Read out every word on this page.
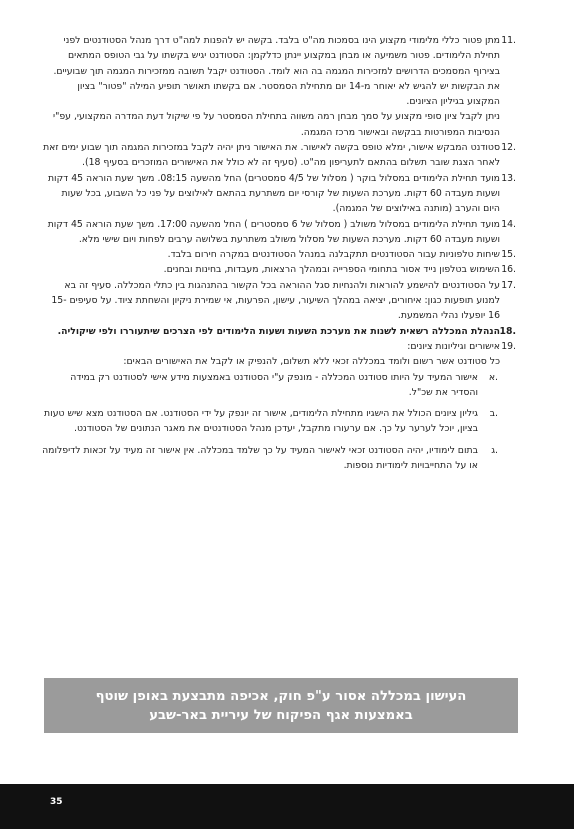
11.

מתן פטור כללי מלימודי מקצוע הינו בסמכות מה"ט בלבד. בקשה יש להפנות למה"ט דרך מנהל הסטודנטים לפני תחילת הלימודים. פטור משמיעה או מבחן במקצוע יינתן כדלקמן: הסטודנט יגיש בקשתו על גבי הטופס המתאים בצירוף המסמכים הדרושים למזכירות המגמה בה הוא לומד. הסטודנט יקבל תשובה ממזכירות המגמה תוך שבועיים. את הבקשות יש להגיש לא יאוחר מ-14 יום מתחילת הסמסטר. אם בקשתו תאושר תופיע המילה "פטור" בציון המקצוע בגיליון הציונים.

ניתן לקבל ציון סופי מקצוע על סמך מבחן רמה משווה בתחילת הסמסטר על פי שיקול דעת המדרה המקצועי, עפ"י הנסיבות המפורטות בבקשה ובאישור מרכז המגמה.

12.

סטודנט המבקש אישור, ימלא טופס בקשה לאישור. את האישור ניתן יהיה לקבל במזכירות המגמה תוך שבוע ימים זאת לאחר הצגת שובר תשלום בהתאם לתעריפון מה"ט. (סעיף זה לא כולל את האישורים המוזכרים בסעיף 18).

13.

מועד תחילת הלימודים במסלול בוקר ( מסלול של 4/5 סמסטרים) החל מהשעה 08:15. משך שעת הוראה 45 דקות ושעות מעבדה 60 דקות. מערכת השעות של קורסי יום משתרעת בהתאם לאילוצים על פני כל השבוע, בכל שעות היום והערב (מותנה באילוצים של המגמה).

14.

מועד תחילת הלימודים במסלול משולב ( מסלול של 6 סמסטרים ) החל מהשעה 17:00. משך שעת הוראה 45 דקות ושעות מעבדה 60 דקות. מערכת השעות של מסלול משולב משתרעת בשלושה ערבים לפחות ויום שישי מלא.

15.

שיחות טלפוניות עבור הסטודנטים תתקבלנה במנהל הסטודנטים במקרה חירום בלבד.

16.

השימוש בטלפון נייד אסור בתחומי הספרייה ובמהלך הרצאות, מעבדות, בחינות ובחנים.

17.

על הסטודנטים להישמע להוראות ולהנחיות סגל ההוראה בכל הקשור בהתנהגות בין כתלי המכללה. סעיף זה בא למנוע תופעות כגון: איחורים, יציאה במהלך השיעור, עישון, הפרעות, אי שמירת ניקיון והשחתת ציוד. על סעיפים 15-16 יופעלו נהלי המשמעת.

18.

הנהלת המכללה רשאית לשנות את מערכת השעות ושעות הלימודים לפי הצרכים שיתעוררו ולפי שיקוליה.

19.

אישורים וגיליונות ציונים:

כל סטודנט אשר רשום ולומד במכללה זכאי ללא תשלום, להנפיק או לקבל את האישורים הבאים:

א.

אישור המעיד על היותו סטודנט המכללה - מונפק ע"י הסטודנט באמצעות מידע אישי לסטודנט רק במידה והסדיר את שכ"ל.

ב.

גיליון ציונים הכולל את הישגיו מתחילת הלימודים, אישור זה יונפק על ידי הסטודנט. אם הסטודנט מצא שיש טעות בציון, יוכל לערער על כך. אם ערעורו מתקבל, יעדכן מנהל הסטודנטים את מאגר הנתונים של הסטודנט.

ג.

בתום לימודיו, יהיה הסטודנט זכאי לאישור המעיד על כך שלמד במכללה. אין אישור זה מעיד על זכאות לדיפלומה או על התחייבויות לימודיות נוספות.

העישון במכללה אסור ע"פ חוק, אכיפה מתבצעת באופן שוטף
באמצעות אגף הפיקוח של עיריית באר-שבע
35
